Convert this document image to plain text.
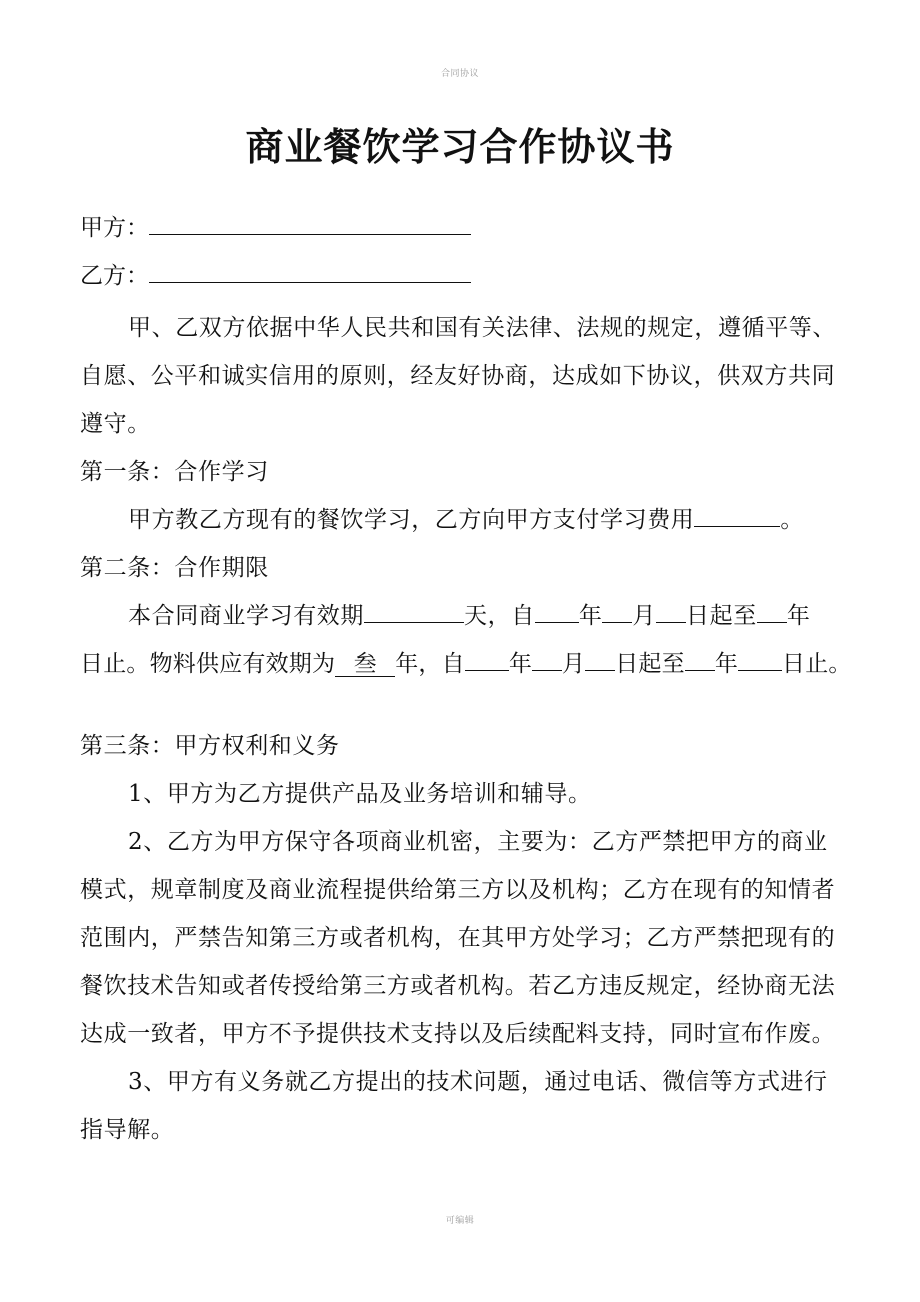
合同协议
商业餐饮学习合作协议书
甲方：
乙方：

甲、乙双方依据中华人民共和国有关法律、法规的规定，遵循平等、自愿、公平和诚实信用的原则，经友好协商，达成如下协议，供双方共同遵守。

第一条：合作学习

甲方教乙方现有的餐饮学习，乙方向甲方支付学习费用	。

第二条：合作期限

本合同商业学习有效期	天，自 年 月 日起至 年

日止。物料供应有效期为 叁 年，自 年 月 日起至 年 日止。

第三条：甲方权利和义务

1、甲方为乙方提供产品及业务培训和辅导。

2、乙方为甲方保守各项商业机密，主要为：乙方严禁把甲方的商业模式，规章制度及商业流程提供给第三方以及机构；乙方在现有的知情者范围内，严禁告知第三方或者机构，在其甲方处学习；乙方严禁把现有的餐饮技术告知或者传授给第三方或者机构。若乙方违反规定，经协商无法达成一致者，甲方不予提供技术支持以及后续配料支持，同时宣布作废。

3、甲方有义务就乙方提出的技术问题，通过电话、微信等方式进行指导解。

可编辑
